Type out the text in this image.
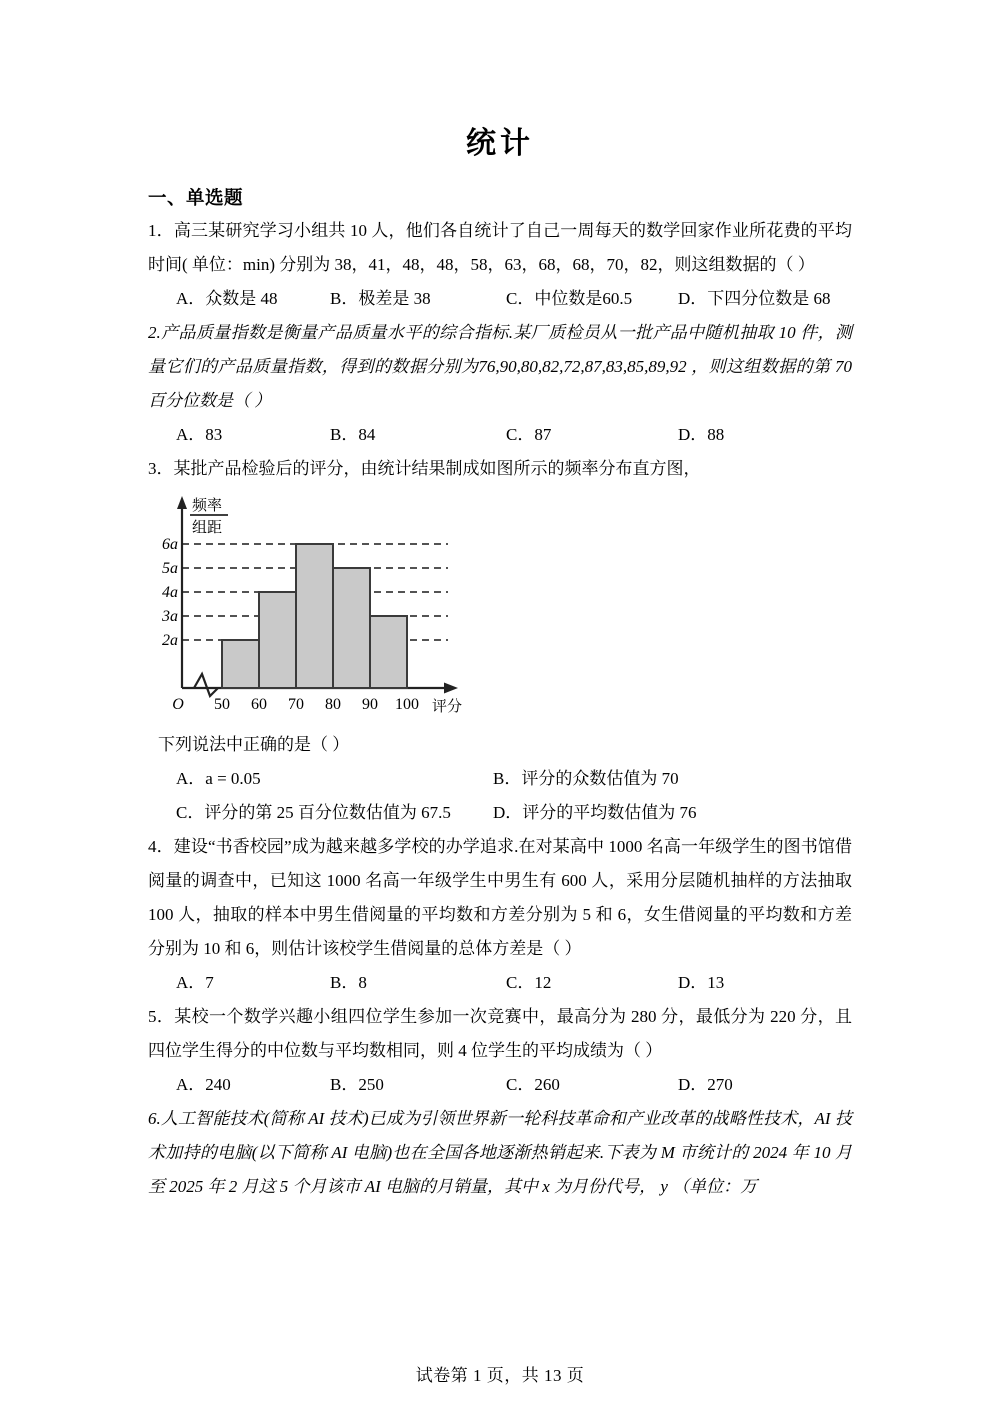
统计
一、单选题

1．高三某研究学习小组共 10 人，他们各自统计了自己一周每天的数学回家作业所花费的平均时间( 单位：min) 分别为 38，41，48，48，58，63，68，68，70，82，则这组数据的（ ）

A．众数是 48	B．极差是 38	C．中位数是60.5	D．下四分位数是 68

2.产品质量指数是衡量产品质量水平的综合指标.某厂质检员从一批产品中随机抽取 10 件，测量它们的产品质量指数，得到的数据分别为76,90,80,82,72,87,83,85,89,92 ，则这组数据的第 70 百分位数是（ ）

A．83	B．84	C．87	D．88

3．某批产品检验后的评分，由统计结果制成如图所示的频率分布直方图，

频率
组距
6a
5a
4a
3a
2a
O 50 60 70 80 90 100 评分

下列说法中正确的是（ ）

A．a = 0.05	B．评分的众数估值为 70
C．评分的第 25 百分位数估值为 67.5 D．评分的平均数估值为 76

4．建设“书香校园”成为越来越多学校的办学追求.在对某高中 1000 名高一年级学生的图书馆借阅量的调查中，已知这 1000 名高一年级学生中男生有 600 人，采用分层随机抽样的方法抽取 100 人，抽取的样本中男生借阅量的平均数和方差分别为 5 和 6，女生借阅量的平均数和方差分别为 10 和 6，则估计该校学生借阅量的总体方差是（ ）

A．7	B．8	C．12	D．13

5．某校一个数学兴趣小组四位学生参加一次竞赛中，最高分为 280 分，最低分为 220 分，且四位学生得分的中位数与平均数相同，则 4 位学生的平均成绩为（ ）

A．240	B．250	C．260	D．270

6.人工智能技术(简称 AI 技术)已成为引领世界新一轮科技革命和产业改革的战略性技术，AI 技术加持的电脑(以下简称 AI 电脑)也在全国各地逐渐热销起来.下表为 M 市统计的 2024 年 10 月至 2025 年 2 月这 5 个月该市 AI 电脑的月销量，其中 x 为月份代号， y （单位：万

试卷第 1 页，共 13 页
